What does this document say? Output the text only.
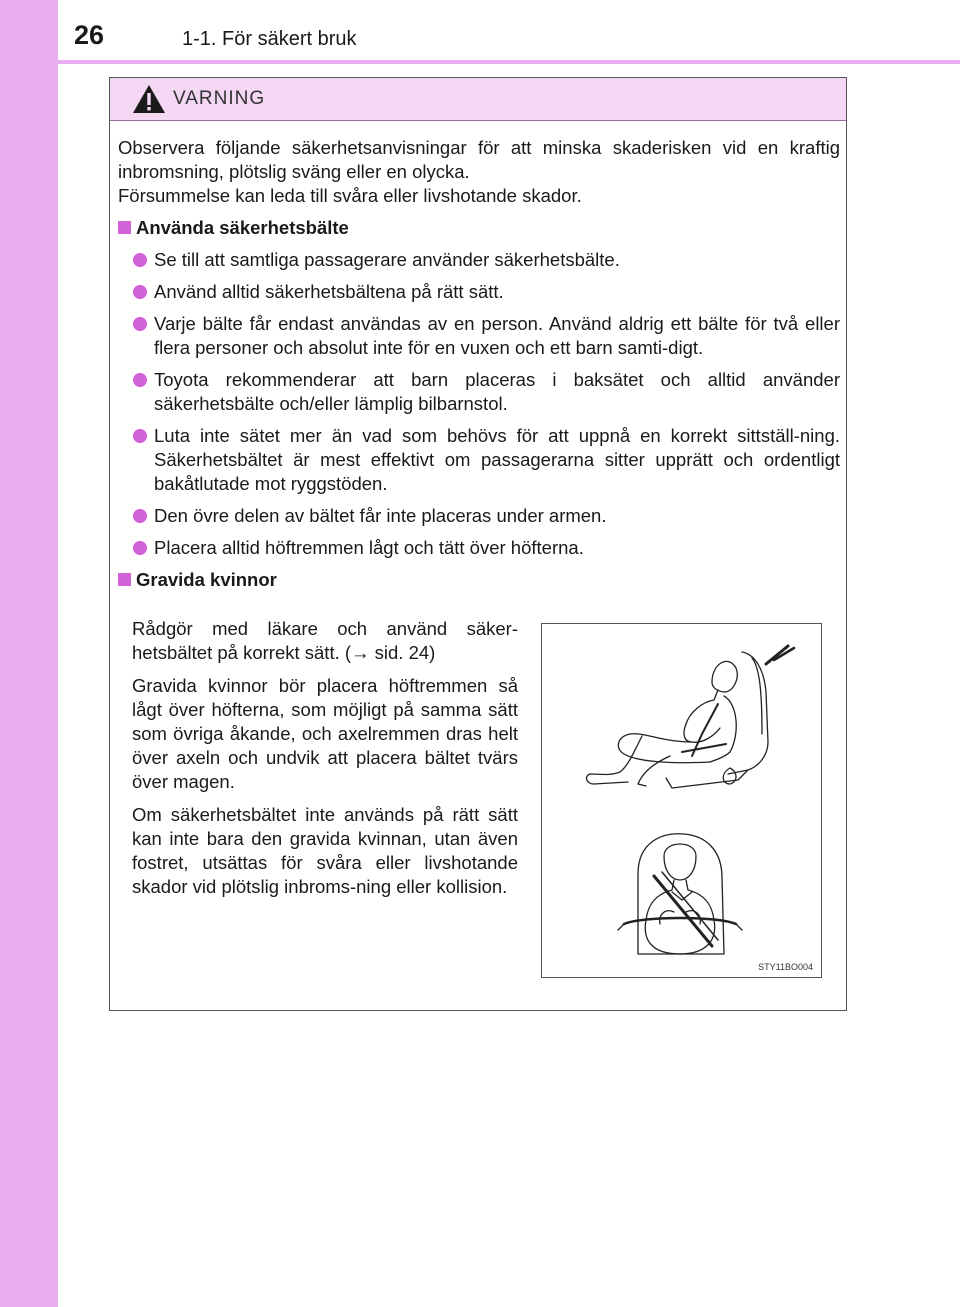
26	1-1. För säkert bruk
VARNING

Observera följande säkerhetsanvisningar för att minska skaderisken vid en kraftig inbromsning, plötslig sväng eller en olycka.

Försummelse kan leda till svåra eller livshotande skador.

Använda säkerhetsbälte

Se till att samtliga passagerare använder säkerhetsbälte.

Använd alltid säkerhetsbältena på rätt sätt.

Varje bälte får endast användas av en person. Använd aldrig ett bälte för två eller flera personer och absolut inte för en vuxen och ett barn samti-digt.

Toyota rekommenderar att barn placeras i baksätet och alltid använder säkerhetsbälte och/eller lämplig bilbarnstol.

Luta inte sätet mer än vad som behövs för att uppnå en korrekt sittställ-ning. Säkerhetsbältet är mest effektivt om passagerarna sitter upprätt och ordentligt bakåtlutade mot ryggstöden.

Den övre delen av bältet får inte placeras under armen.

Placera alltid höftremmen lågt och tätt över höfterna.

Gravida kvinnor

Rådgör med läkare och använd säker-hetsbältet på korrekt sätt. (→ sid. 24)

Gravida kvinnor bör placera höftremmen så lågt över höfterna, som möjligt på samma sätt som övriga åkande, och axelremmen dras helt över axeln och undvik att placera bältet tvärs över magen.

Om säkerhetsbältet inte används på rätt sätt kan inte bara den gravida kvinnan, utan även fostret, utsättas för svåra eller livshotande skador vid plötslig inbroms-ning eller kollision.

STY11BO004
